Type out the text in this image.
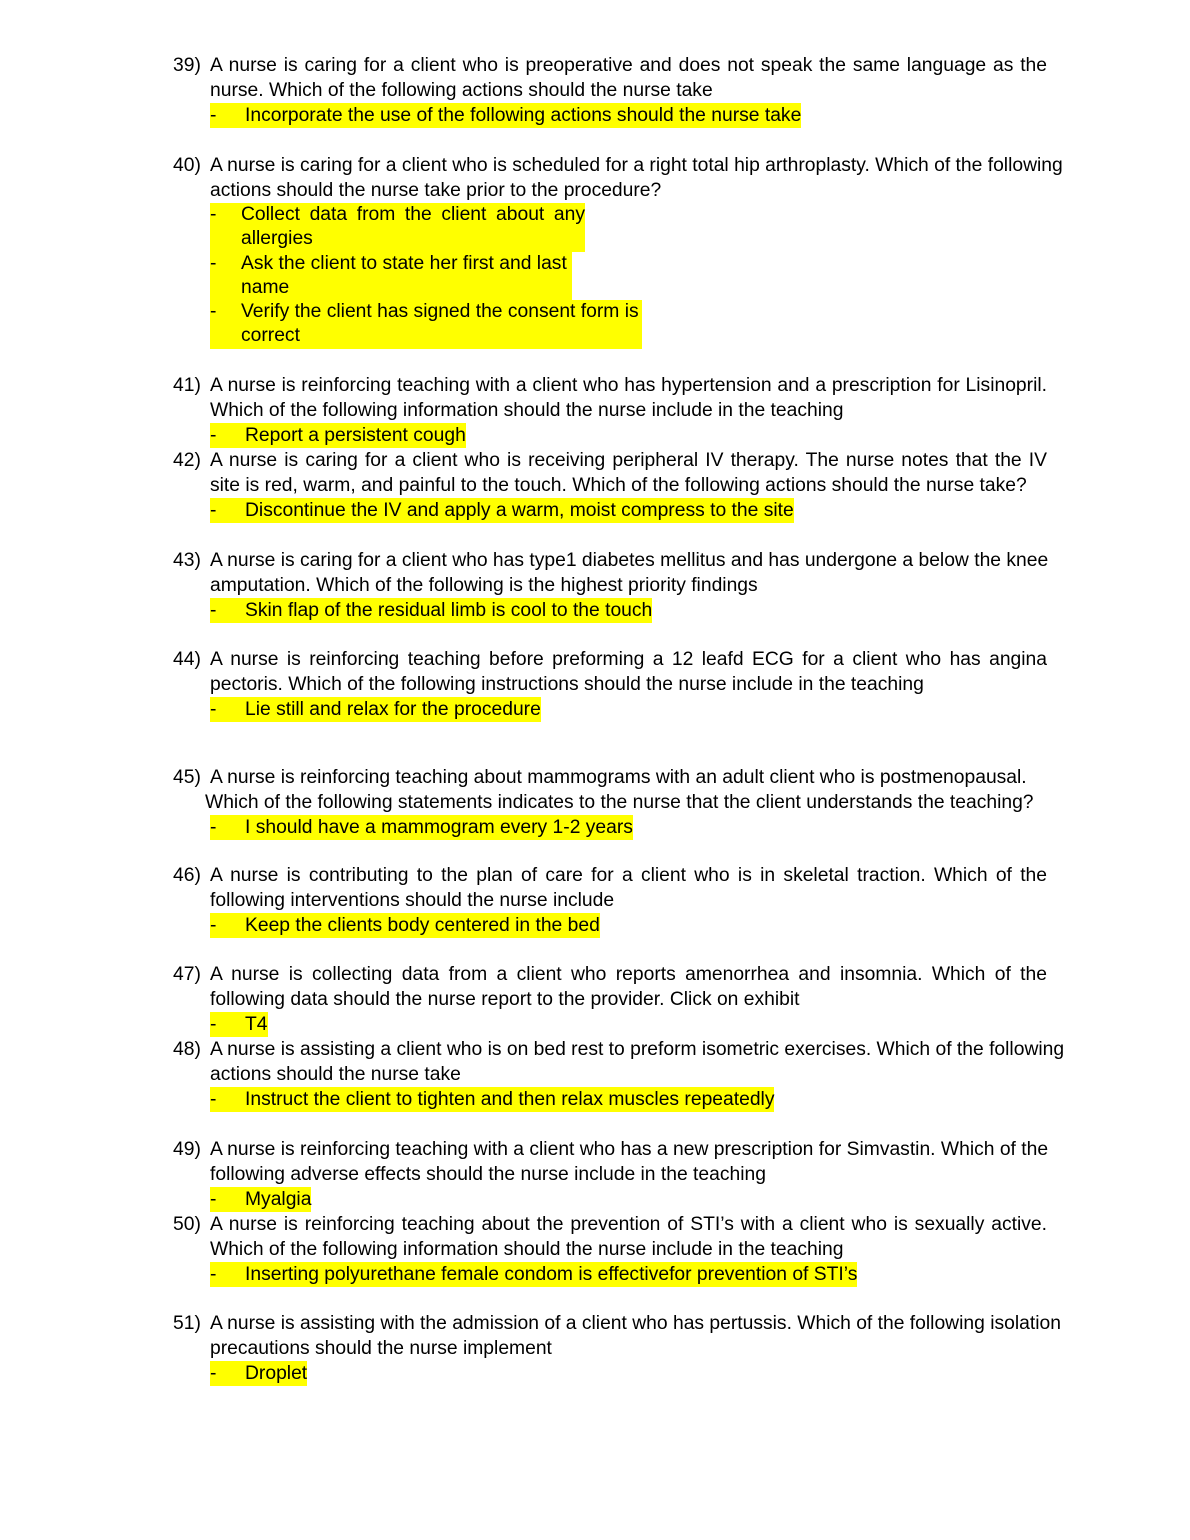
39) A nurse is caring for a client who is preoperative and does not speak the same language as the
nurse. Which of the following actions should the nurse take
- Incorporate the use of the following actions should the nurse take
40) A nurse is caring for a client who is scheduled for a right total hip arthroplasty. Which of the following
actions should the nurse take prior to the procedure?
- Collect data from the client about any
allergies

- Ask the client to state her first and last
name

- Verify the client has signed the consent form is
correct
41) A nurse is reinforcing teaching with a client who has hypertension and a prescription for Lisinopril.
Which of the following information should the nurse include in the teaching
- Report a persistent cough
42) A nurse is caring for a client who is receiving peripheral IV therapy. The nurse notes that the IV
site is red, warm, and painful to the touch. Which of the following actions should the nurse take?
- Discontinue the IV and apply a warm, moist compress to the site
43) A nurse is caring for a client who has type1 diabetes mellitus and has undergone a below the knee
amputation. Which of the following is the highest priority findings
- Skin flap of the residual limb is cool to the touch
44) A nurse is reinforcing teaching before preforming a 12 leafd ECG for a client who has angina
pectoris. Which of the following instructions should the nurse include in the teaching
- Lie still and relax for the procedure
45) A nurse is reinforcing teaching about mammograms with an adult client who is postmenopausal.
Which of the following statements indicates to the nurse that the client understands the teaching?
- I should have a mammogram every 1-2 years
46) A nurse is contributing to the plan of care for a client who is in skeletal traction. Which of the
following interventions should the nurse include
- Keep the clients body centered in the bed
47) A nurse is collecting data from a client who reports amenorrhea and insomnia. Which of the
following data should the nurse report to the provider. Click on exhibit
- T4
48) A nurse is assisting a client who is on bed rest to preform isometric exercises. Which of the following
actions should the nurse take
- Instruct the client to tighten and then relax muscles repeatedly
49) A nurse is reinforcing teaching with a client who has a new prescription for Simvastin. Which of the
following adverse effects should the nurse include in the teaching
- Myalgia
50) A nurse is reinforcing teaching about the prevention of STI’s with a client who is sexually active.
Which of the following information should the nurse include in the teaching
- Inserting polyurethane female condom is effectivefor prevention of STI’s
51) A nurse is assisting with the admission of a client who has pertussis. Which of the following isolation
precautions should the nurse implement
- Droplet
